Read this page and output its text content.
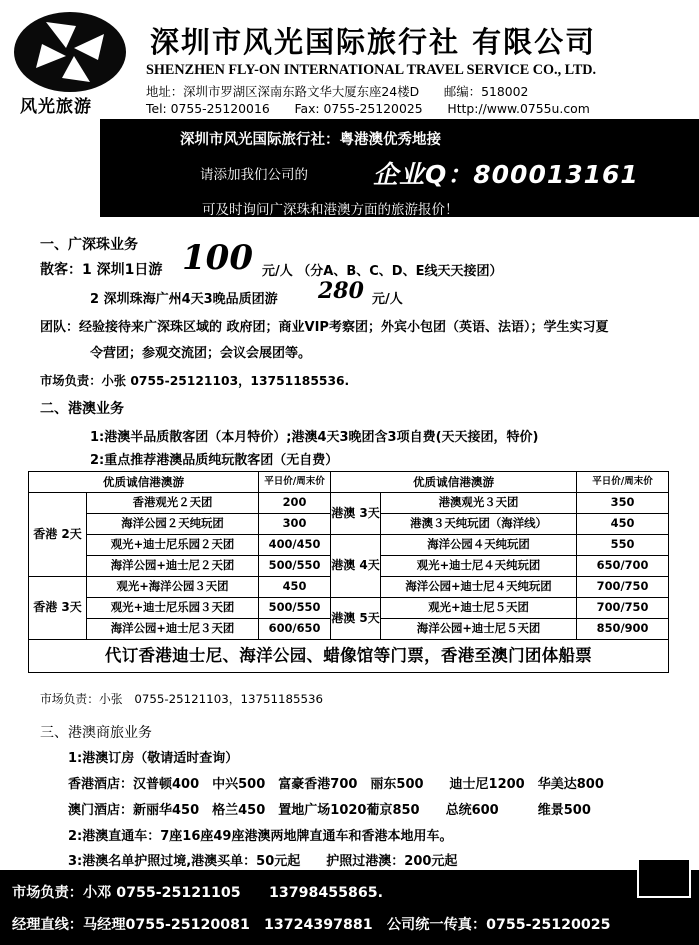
风光旅游
深圳市风光国际旅行社 有限公司
SHENZHEN FLY-ON INTERNATIONAL TRAVEL SERVICE CO., LTD.
地址：深圳市罗湖区深南东路文华大厦东座24楼D　　邮编：518002
Tel: 0755-25120016　　Fax: 0755-25120025　　Http://www.0755u.com
深圳市风光国际旅行社：粤港澳优秀地接
请添加我们公司的	企业Q：800013161
可及时询问广深珠和港澳方面的旅游报价！
一、广深珠业务
散客：1 深圳1日游 100 元/人 （分A、B、C、D、E线天天接团）
2 深圳珠海广州4天3晚品质团游 280 元/人
团队：经验接待来广深珠区域的 政府团；商业VIP考察团；外宾小包团（英语、法语）；学生实习夏
令营团；参观交流团；会议会展团等。
市场负责：小张 0755-25121103，13751185536.
二、港澳业务
1:港澳半品质散客团（本月特价）;港澳4天3晚团含3项自费(天天接团，特价)
2:重点推荐港澳品质纯玩散客团（无自费）
优质诚信港澳游		平日价/周末价	优质诚信港澳游		平日价/周末价
香港 2天	香港观光２天团	200	港澳 3天	港澳观光３天团	350
	海洋公园２天纯玩团	300		港澳３天纯玩团（海洋线）	450
	观光+迪士尼乐园２天团	400/450	港澳 4天	海洋公园４天纯玩团	550
	海洋公园+迪士尼２天团	500/550		观光+迪士尼４天纯玩团	650/700
香港 3天	观光+海洋公园３天团	450		海洋公园+迪士尼４天纯玩团	700/750
	观光+迪士尼乐园３天团	500/550	港澳 5天	观光+迪士尼５天团	700/750
	海洋公园+迪士尼３天团	600/650		海洋公园+迪士尼５天团	850/900
代订香港迪士尼、海洋公园、蜡像馆等门票，香港至澳门团体船票					
市场负责：小张　0755-25121103，13751185536
三、港澳商旅业务
1:港澳订房（敬请适时查询）
香港酒店：汉普顿400　中兴500　富豪香港700　丽东500　　迪士尼1200　华美达800
澳门酒店：新丽华450　格兰450　置地广场1020葡京850　　总统600　　　维景500
2:港澳直通车：7座16座49座港澳两地牌直通车和香港本地用车。
3:港澳名单护照过境,港澳买单：50元起　　护照过港澳：200元起
市场负责：小邓 0755-25121105　　13798455865.
经理直线：马经理0755-25120081　13724397881　公司统一传真：0755-25120025
